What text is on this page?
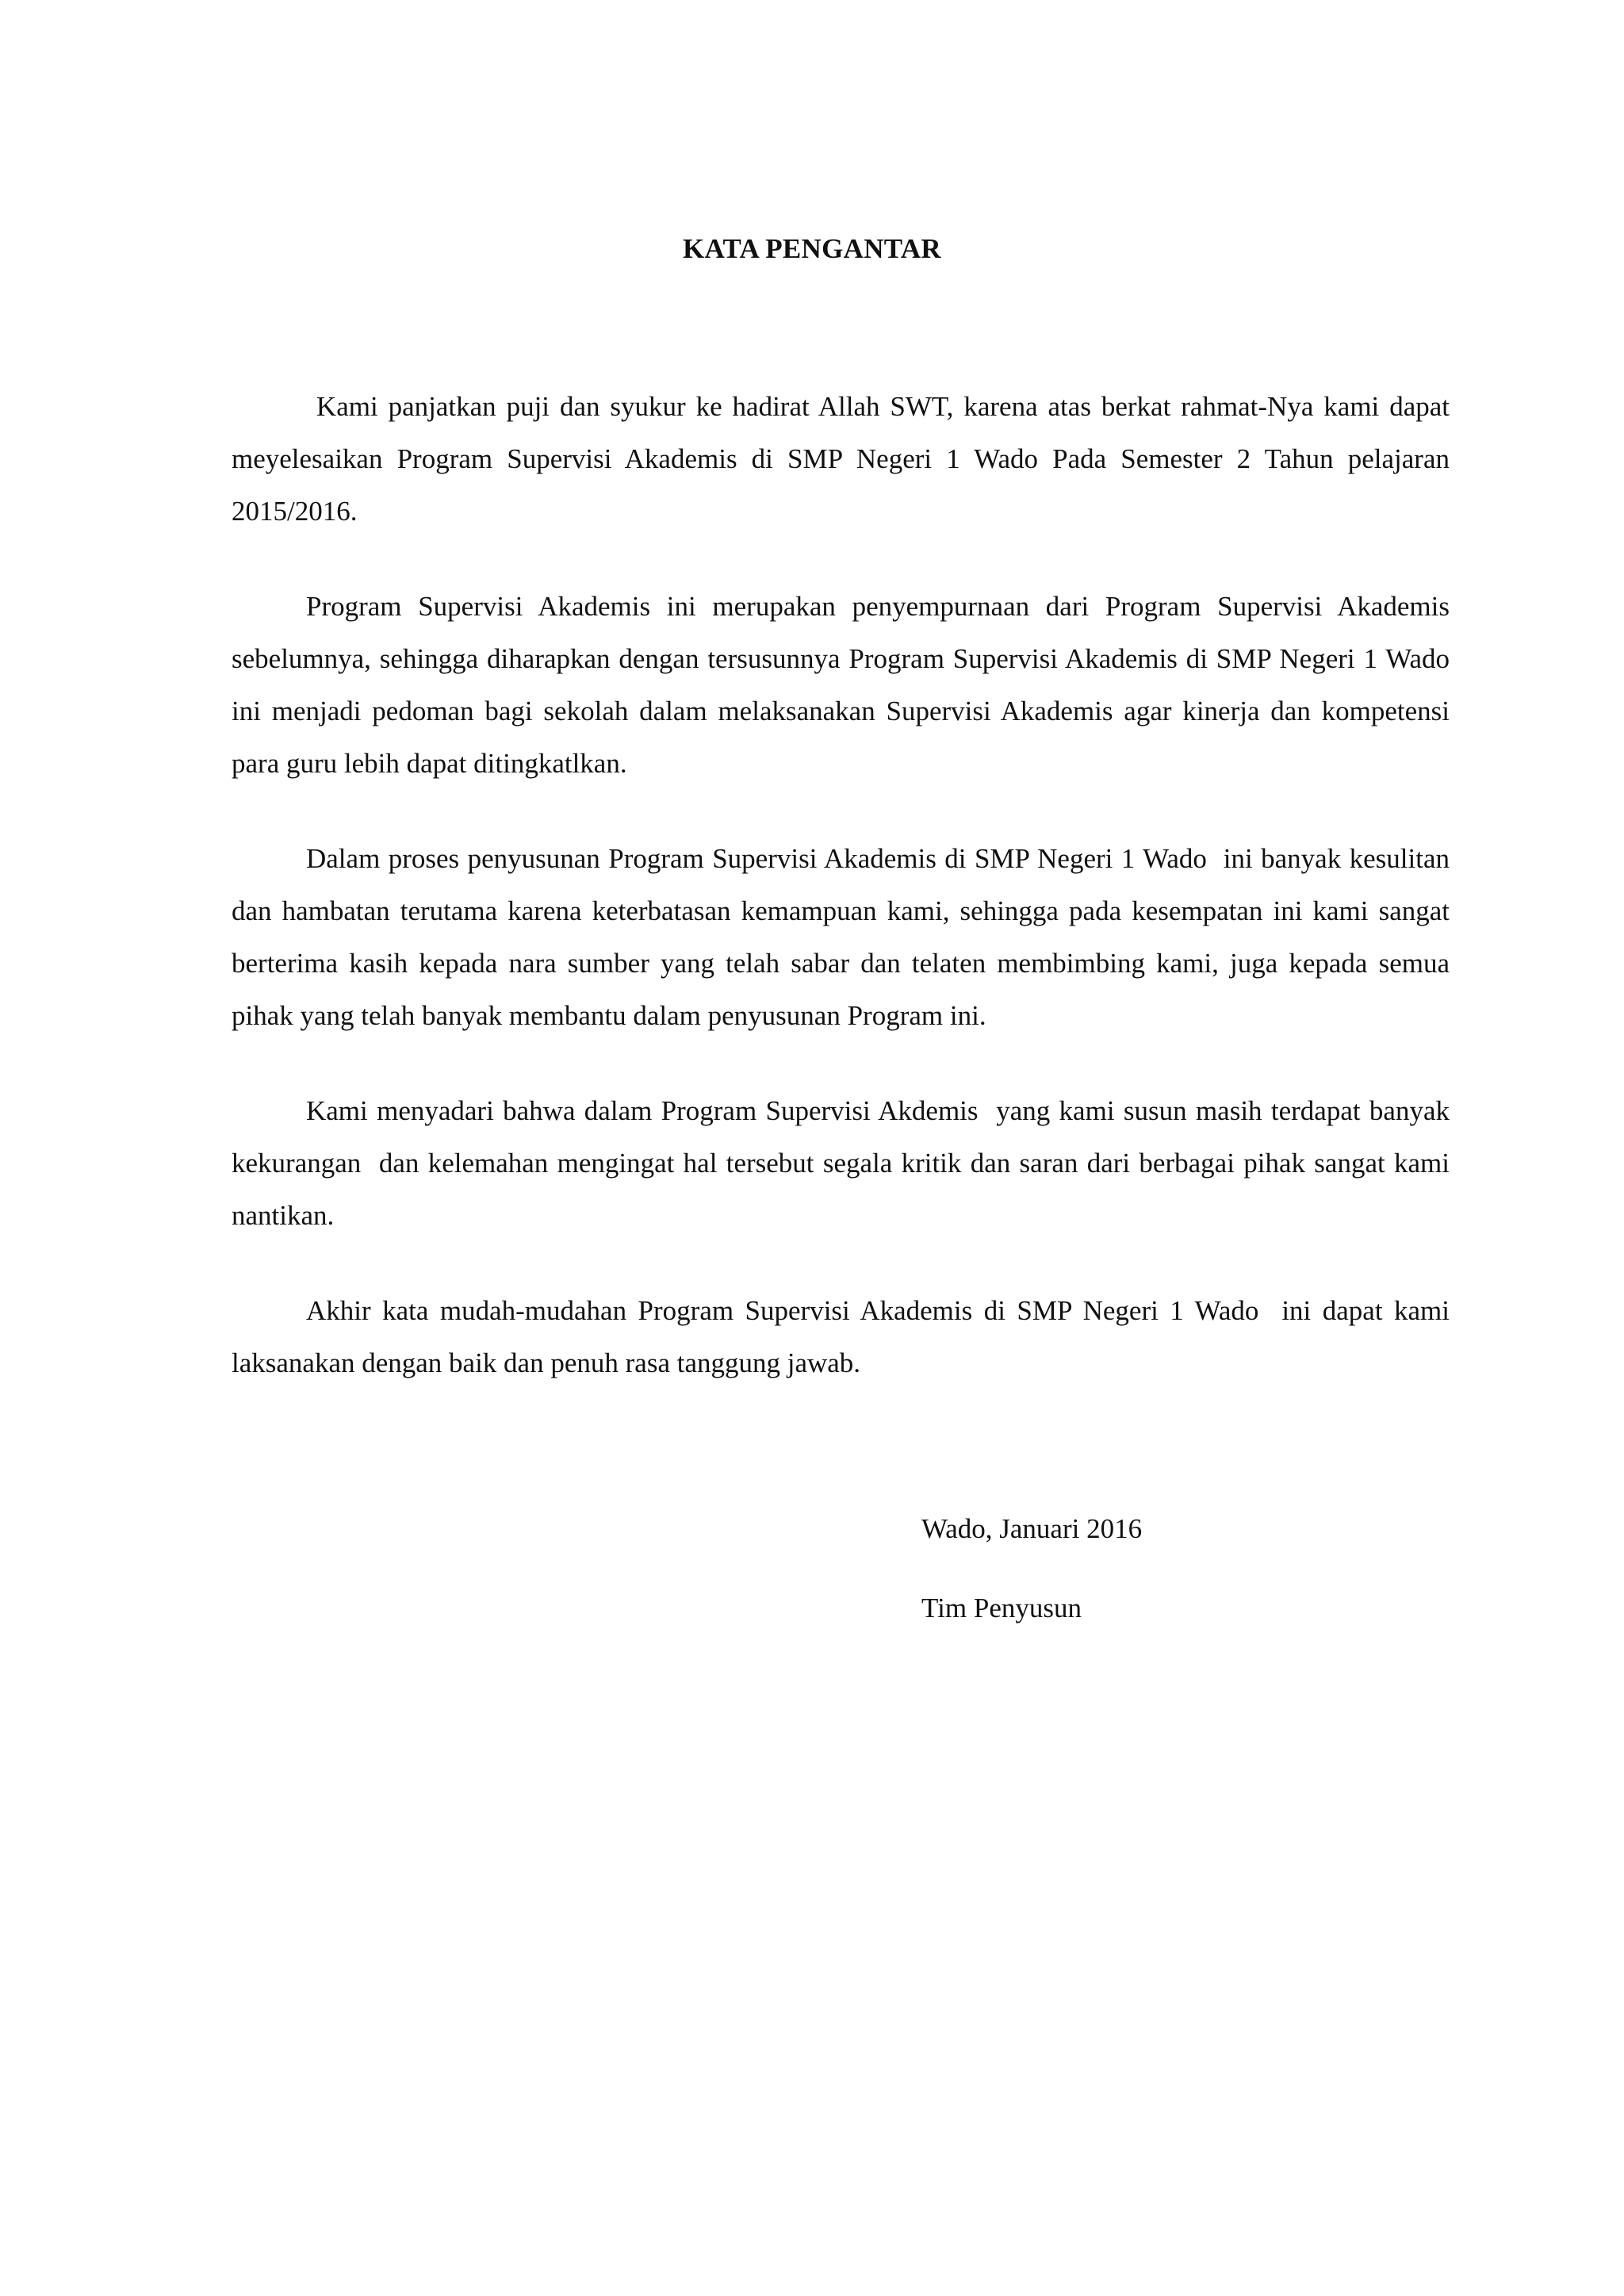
KATA PENGANTAR

Kami panjatkan puji dan syukur ke hadirat Allah SWT, karena atas berkat rahmat-Nya kami dapat meyelesaikan Program Supervisi Akademis di SMP Negeri 1 Wado Pada Semester 2 Tahun pelajaran 2015/2016.

Program Supervisi Akademis ini merupakan penyempurnaan dari Program Supervisi Akademis sebelumnya, sehingga diharapkan dengan tersusunnya Program Supervisi Akademis di SMP Negeri 1 Wado  ini menjadi pedoman bagi sekolah dalam melaksanakan Supervisi Akademis agar kinerja dan kompetensi para guru lebih dapat ditingkatlkan.

Dalam proses penyusunan Program Supervisi Akademis di SMP Negeri 1 Wado  ini banyak kesulitan dan hambatan terutama karena keterbatasan kemampuan kami, sehingga pada kesempatan ini kami sangat berterima kasih kepada nara sumber yang telah sabar dan telaten membimbing kami, juga kepada semua pihak yang telah banyak membantu dalam penyusunan Program ini.

Kami menyadari bahwa dalam Program Supervisi Akdemis  yang kami susun masih terdapat banyak kekurangan  dan kelemahan mengingat hal tersebut segala kritik dan saran dari berbagai pihak sangat kami nantikan.

Akhir kata mudah-mudahan Program Supervisi Akademis di SMP Negeri 1 Wado  ini dapat kami laksanakan dengan baik dan penuh rasa tanggung jawab.

Wado, Januari 2016
Tim Penyusun
